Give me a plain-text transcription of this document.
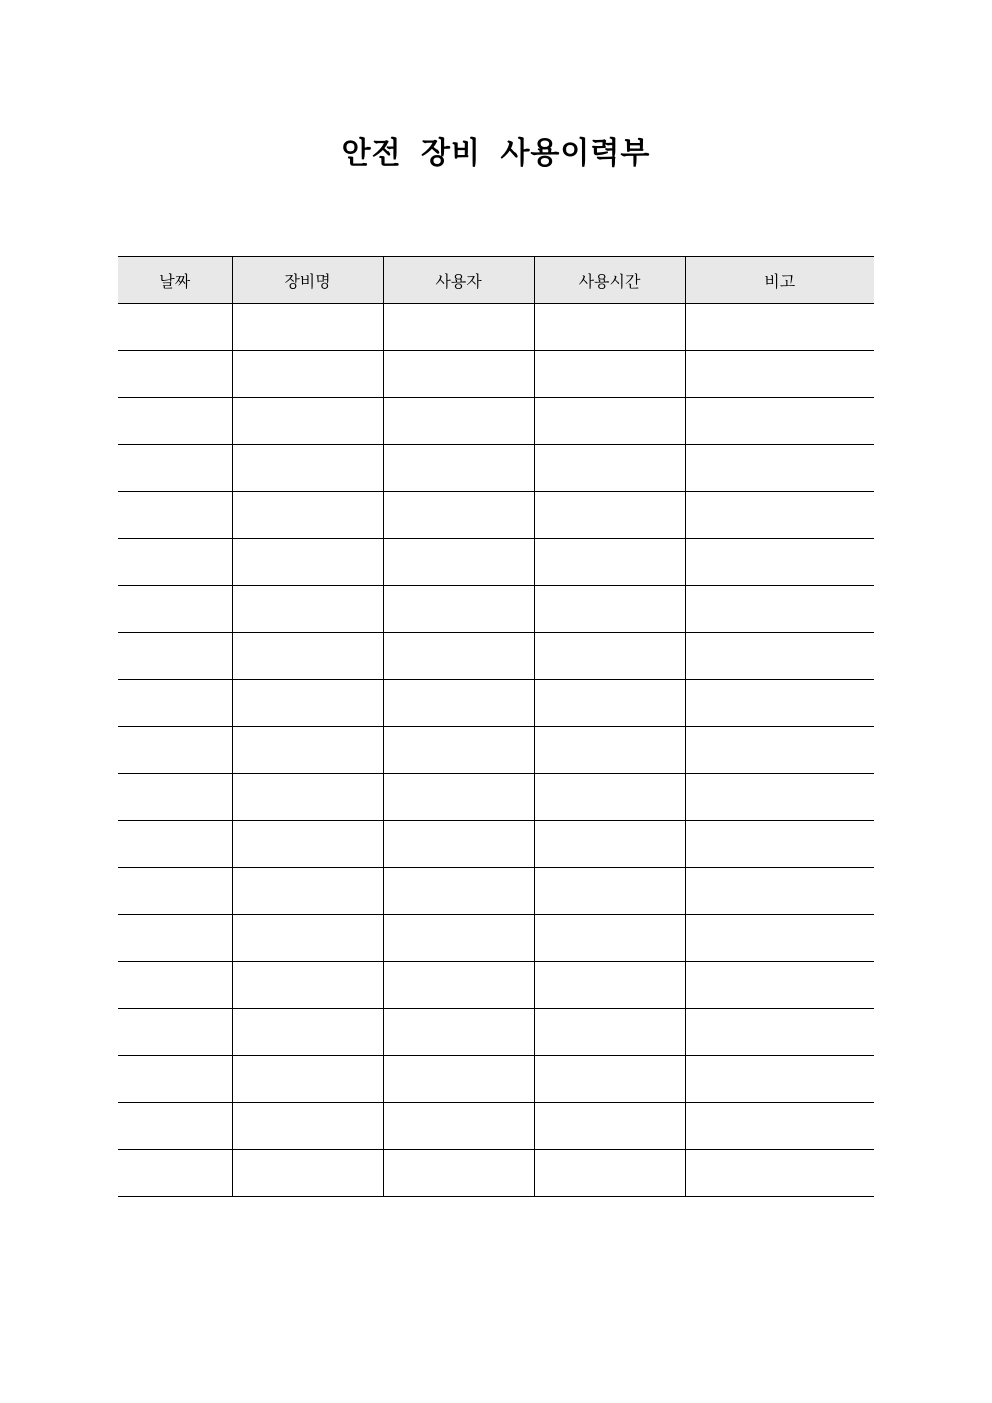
안전 장비 사용이력부
날짜	장비명	사용자	사용시간	비고
